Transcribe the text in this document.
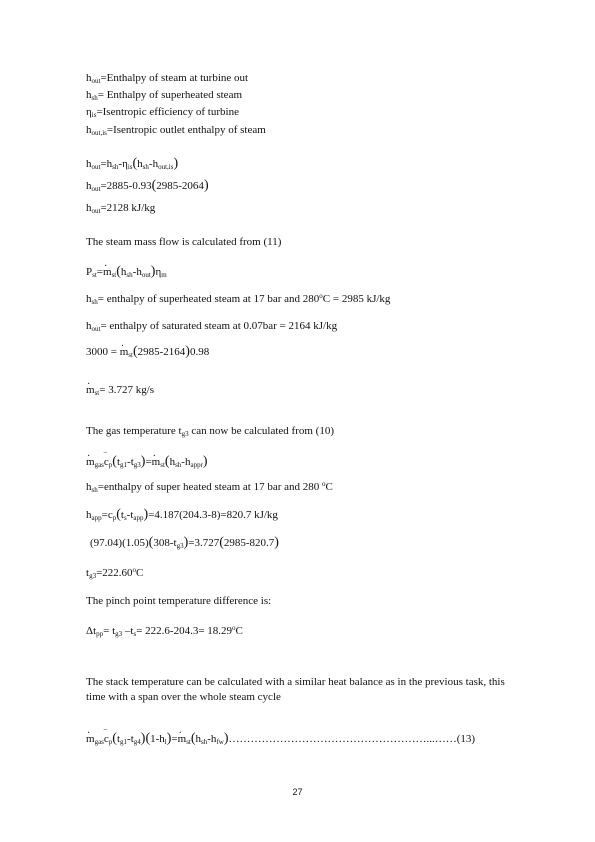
$h_{out}=Enthalpy$ of steam at turbine out
$h_{sh}=$ Enthalpy of superheated steam
$\eta_{is}=Isentropic$ efficiency of turbine
$h_{out,is}=Isentropic$ outlet enthalpy of steam
$h_{out}=h_{sh}-\eta_{is}(h_{sh}-h_{out,is})$
$h_{out}=2885-0.93(2985-2064)$
$h_{out}=2128$ kJ/kg
The steam mass flow is calculated from (11)
$P_{st}=\cdot m_{st}(h_{sh}-h_{out})\eta_m$
$h_{sh}=$ enthalpy of superheated steam at 17 bar and $280^oC = 2985$ kJ/kg
$h_{out}=$ enthalpy of saturated steam at 0.07bar = 2164 kJ/kg
3000 = · $m_{st}(2985-2164)0.98$
· $m_{st}= 3.727$ kg/s
The gas temperature $t_{g3}$ can now be calculated from (10)
· $m_{gas}‾$ $c_p(t_{g1}-t_{g3})=\cdot m_{st}(h_{sh}-h_{appr})$
$h_{sh}=enthalpy$ of super heated steam at 17 bar and 280 $^o$C
$h_{app}=c_p(t_s-t_{app})=4.187(204.3-8)=820.7$ kJ/kg
$(97.04)(1.05)(308-t_{g3})=3.727(2985-820.7)$
$t_{g3}=222.60^oC$
The pinch point temperature difference is:
$\Delta t_{pp}= t_{g3}$ $-t_s= 222.6-204.3= 18.29^oC$
The stack temperature can be calculated with a similar heat balance as in the previous task, this time with a span over the whole steam cycle
· $m_{gas}‾$ $c_p(t_{g1}-t_{g4})(1-h_l)=\cdot$ $m_{st}(h_{sh}-h_{fw})\dots\dots\dots\dots\dots\dots\dots\dots\dots\dots\dots\dots\dots\dots\dots\dots\dots\dots...\dots\dots(13)$
27
